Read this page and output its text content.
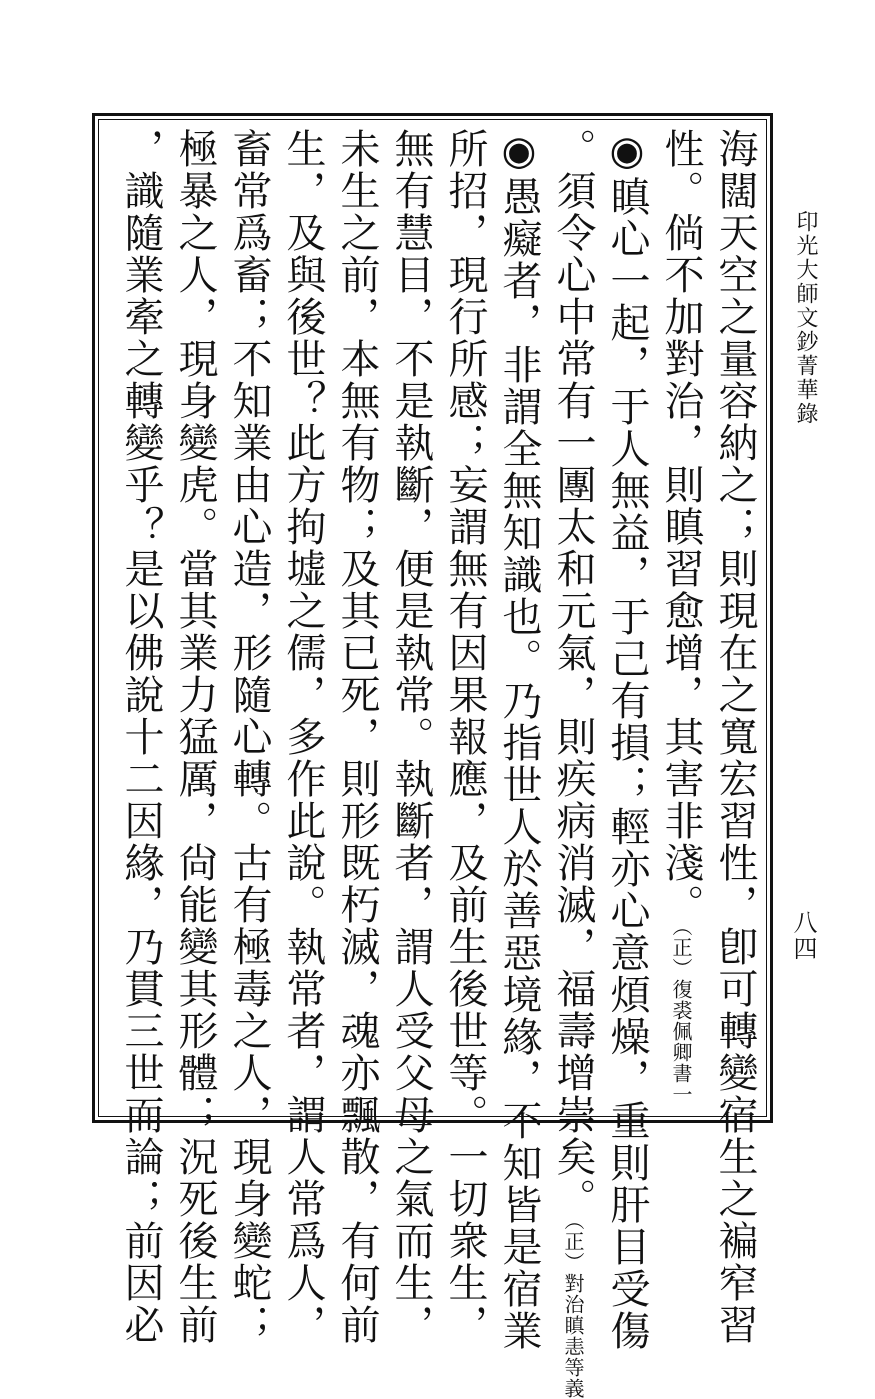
印光大師文鈔菁華錄
八四
海闊天空之量容納之；則現在之寬宏習性，卽可轉變宿生之褊窄習
性。倘不加對治，則瞋習愈增，其害非淺。（正）復裘佩卿書一
◉瞋心一起，于人無益，于己有損；輕亦心意煩燥，重則肝目受傷
。須令心中常有一團太和元氣，則疾病消滅，福壽增崇矣。（正）對治瞋恚等義
◉愚癡者，非謂全無知識也。乃指世人於善惡境緣，不知皆是宿業
所招，現行所感；妄謂無有因果報應，及前生後世等。一切衆生，
無有慧目，不是執斷，便是執常。執斷者，謂人受父母之氣而生，
未生之前，本無有物；及其已死，則形既朽滅，魂亦飄散，有何前
生，及與後世？此方拘墟之儒，多作此說。執常者，謂人常爲人，
畜常爲畜；不知業由心造，形隨心轉。古有極毒之人，現身變蛇；
極暴之人，現身變虎。當其業力猛厲，尙能變其形體；況死後生前
，識隨業牽之轉變乎？是以佛說十二因緣，乃貫三世而論；前因必
